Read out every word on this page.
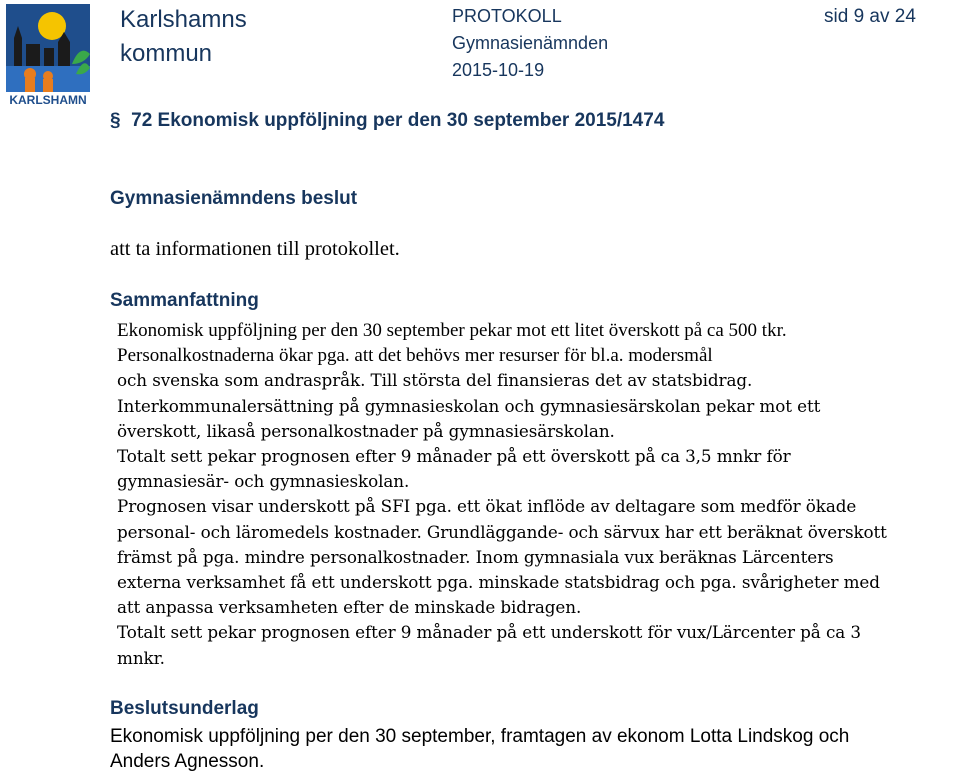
KARLSHAMN
Karlshamns
kommun
PROTOKOLL
Gymnasienämnden
2015-10-19
sid 9 av 24
§ 72 Ekonomisk uppföljning per den 30 september 2015/1474
Gymnasienämndens beslut
att ta informationen till protokollet.
Sammanfattning
Ekonomisk uppföljning per den 30 september pekar mot ett litet överskott på ca 500 tkr.
Personalkostnaderna ökar pga. att det behövs mer resurser för bl.a. modersmål
och svenska som andraspråk. Till största del finansieras det av statsbidrag.
Interkommunalersättning på gymnasieskolan och gymnasiesärskolan pekar mot ett
överskott, likaså personalkostnader på gymnasiesärskolan.
Totalt sett pekar prognosen efter 9 månader på ett överskott på ca 3,5 mnkr för
gymnasiesär- och gymnasieskolan.
Prognosen visar underskott på SFI pga. ett ökat inflöde av deltagare som medför ökade
personal- och läromedels kostnader. Grundläggande- och särvux har ett beräknat överskott
främst på pga. mindre personalkostnader. Inom gymnasiala vux beräknas Lärcenters
externa verksamhet få ett underskott pga. minskade statsbidrag och pga. svårigheter med
att anpassa verksamheten efter de minskade bidragen.
Totalt sett pekar prognosen efter 9 månader på ett underskott för vux/Lärcenter på ca 3
mnkr.
Beslutsunderlag
Ekonomisk uppföljning per den 30 september, framtagen av ekonom Lotta Lindskog och
Anders Agnesson.
